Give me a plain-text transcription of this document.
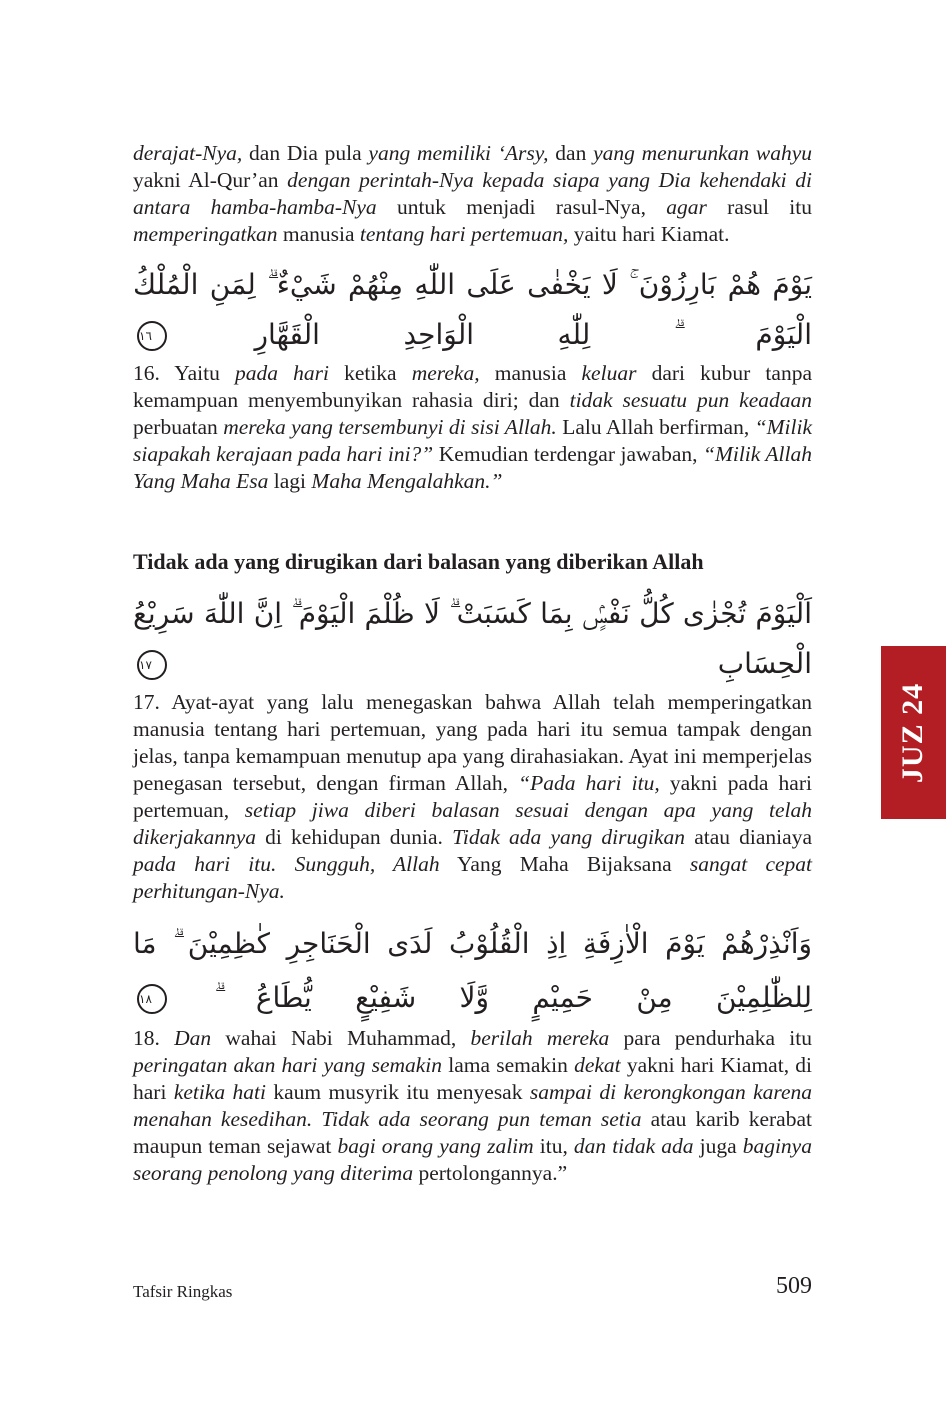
derajat-Nya, dan Dia pula yang memiliki ‘Arsy, dan yang menurunkan wahyu yakni Al-Qur’an dengan perintah-Nya kepada siapa yang Dia kehendaki di antara hamba-hamba-Nya untuk menjadi rasul-Nya, agar rasul itu memperingatkan manusia tentang hari pertemuan, yaitu hari Kiamat.

يَوْمَ هُمْ بَارِزُوْنَ ۚ لَا يَخْفٰى عَلَى اللّٰهِ مِنْهُمْ شَيْءٌ ۗ لِمَنِ الْمُلْكُ الْيَوْمَ ۗ لِلّٰهِ الْوَاحِدِ الْقَهَّارِ ١٦

16. Yaitu pada hari ketika mereka, manusia keluar dari kubur tanpa kemampuan menyembunyikan rahasia diri; dan tidak sesuatu pun keadaan perbuatan mereka yang tersembunyi di sisi Allah. Lalu Allah berfirman, “Milik siapakah kerajaan pada hari ini?” Kemudian terdengar jawaban, “Milik Allah Yang Maha Esa lagi Maha Mengalahkan.”

Tidak ada yang dirugikan dari balasan yang diberikan Allah
اَلْيَوْمَ تُجْزٰى كُلُّ نَفْسٍۢ بِمَا كَسَبَتْ ۗ لَا ظُلْمَ الْيَوْمَ ۗ اِنَّ اللّٰهَ سَرِيْعُ الْحِسَابِ ١٧

17. Ayat-ayat yang lalu menegaskan bahwa Allah telah memperingatkan manusia tentang hari pertemuan, yang pada hari itu semua tampak dengan jelas, tanpa kemampuan menutup apa yang dirahasiakan. Ayat ini memperjelas penegasan tersebut, dengan firman Allah, “Pada hari itu, yakni pada hari pertemuan, setiap jiwa diberi balasan sesuai dengan apa yang telah dikerjakannya di kehidupan dunia. Tidak ada yang dirugikan atau dianiaya pada hari itu. Sungguh, Allah Yang Maha Bijaksana sangat cepat perhitungan-Nya.

وَاَنْذِرْهُمْ يَوْمَ الْاٰزِفَةِ اِذِ الْقُلُوْبُ لَدَى الْحَنَاجِرِ كٰظِمِيْنَ ۗ مَا لِلظّٰلِمِيْنَ مِنْ حَمِيْمٍ وَّلَا شَفِيْعٍ يُّطَاعُ ۗ ١٨

18. Dan wahai Nabi Muhammad, berilah mereka para pendurhaka itu peringatan akan hari yang semakin lama semakin dekat yakni hari Kiamat, di hari ketika hati kaum musyrik itu menyesak sampai di kerongkongan karena menahan kesedihan. Tidak ada seorang pun teman setia atau karib kerabat maupun teman sejawat bagi orang yang zalim itu, dan tidak ada juga baginya seorang penolong yang diterima pertolongannya.”

JUZ 24
Tafsir Ringkas	509
